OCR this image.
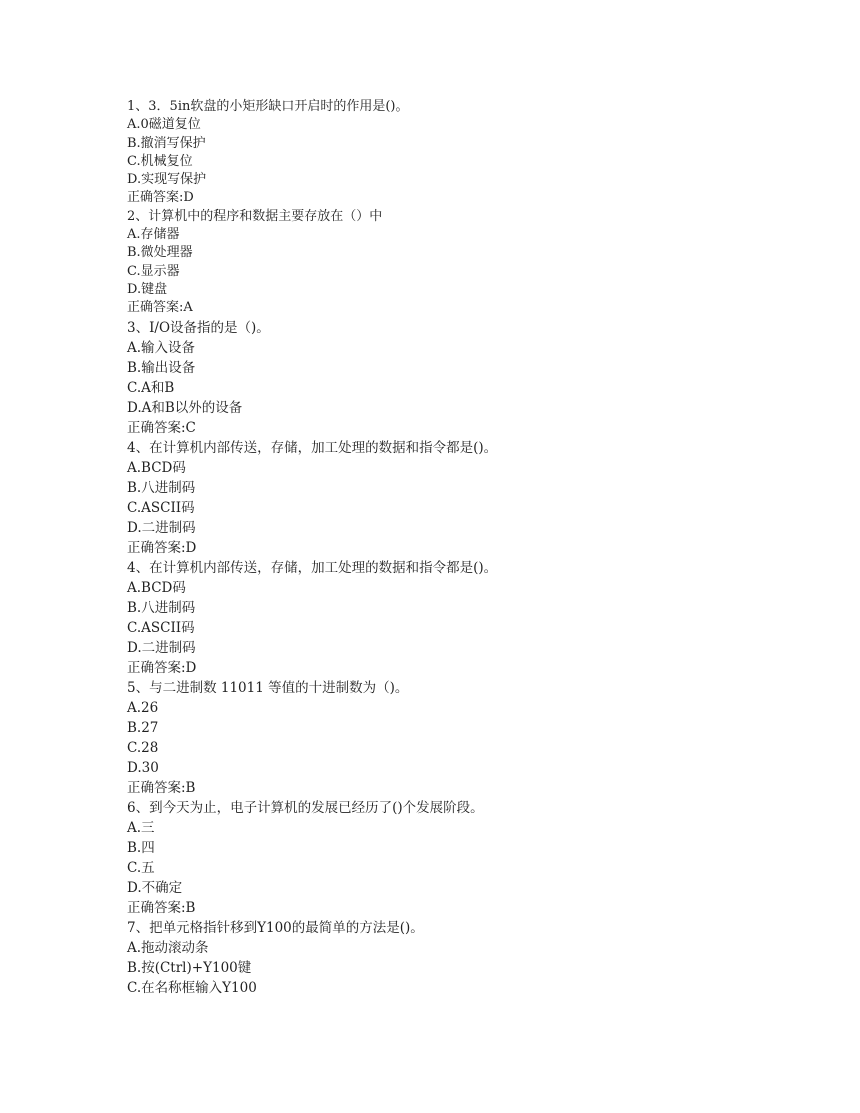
1、3．5in软盘的小矩形缺口开启时的作用是()。
A.0磁道复位
B.撤消写保护
C.机械复位
D.实现写保护
正确答案:D
2、计算机中的程序和数据主要存放在（）中
A.存储器
B.微处理器
C.显示器
D.键盘
正确答案:A
3、I/O设备指的是（)。
A.输入设备
B.输出设备
C.A和B
D.A和B以外的设备
正确答案:C
4、在计算机内部传送，存储，加工处理的数据和指令都是()。
A.BCD码
B.八进制码
C.ASCII码
D.二进制码
正确答案:D
4、在计算机内部传送，存储，加工处理的数据和指令都是()。
A.BCD码
B.八进制码
C.ASCII码
D.二进制码
正确答案:D
5、与二进制数 11011 等值的十进制数为（)。
A.26
B.27
C.28
D.30
正确答案:B
6、到今天为止，电子计算机的发展已经历了()个发展阶段。
A.三
B.四
C.五
D.不确定
正确答案:B
7、把单元格指针移到Y100的最简单的方法是()。
A.拖动滚动条
B.按(Ctrl)+Y100键
C.在名称框输入Y100
